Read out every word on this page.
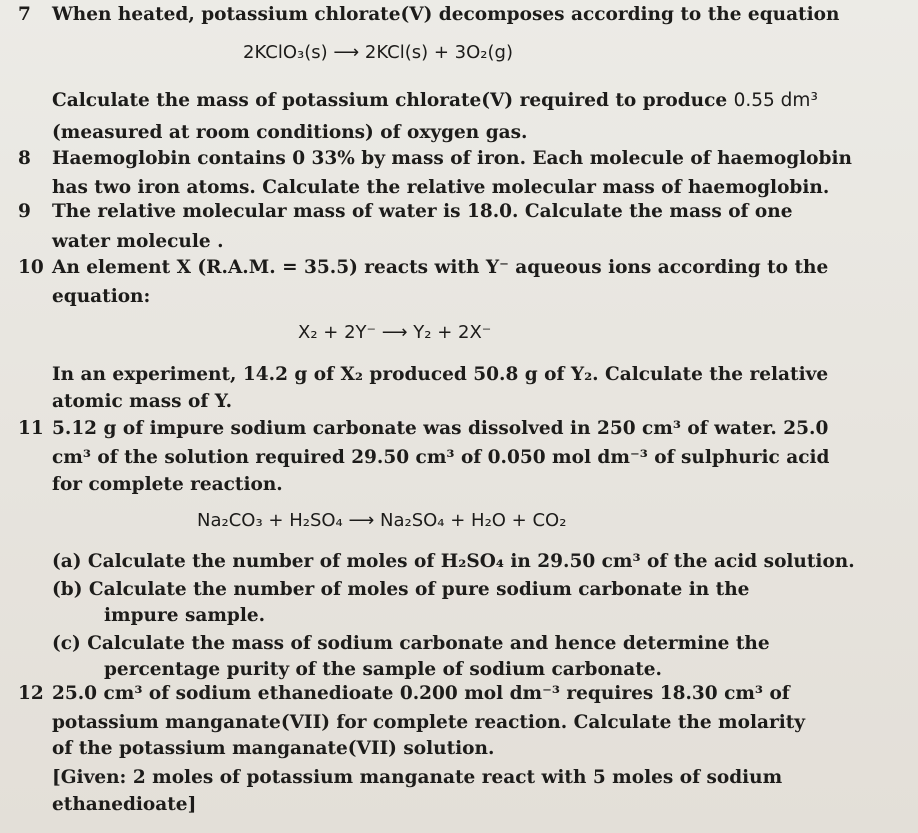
7 When heated, potassium chlorate(V) decomposes according to the equation
2KClO₃(s) ⟶ 2KCl(s) + 3O₂(g)
Calculate the mass of potassium chlorate(V) required to produce 0.55 dm³
(measured at room conditions) of oxygen gas.
8 Haemoglobin contains 0 33% by mass of iron. Each molecule of haemoglobin
has two iron atoms. Calculate the relative molecular mass of haemoglobin.
9 The relative molecular mass of water is 18.0. Calculate the mass of one
water molecule .
10 An element X (R.A.M. = 35.5) reacts with Y⁻ aqueous ions according to the
equation:
X₂ + 2Y⁻ ⟶ Y₂ + 2X⁻
In an experiment, 14.2 g of X₂ produced 50.8 g of Y₂. Calculate the relative
atomic mass of Y.
11 5.12 g of impure sodium carbonate was dissolved in 250 cm³ of water. 25.0
cm³ of the solution required 29.50 cm³ of 0.050 mol dm⁻³ of sulphuric acid
for complete reaction.
Na₂CO₃ + H₂SO₄ ⟶ Na₂SO₄ + H₂O + CO₂
(a) Calculate the number of moles of H₂SO₄ in 29.50 cm³ of the acid solution.
(b) Calculate the number of moles of pure sodium carbonate in the
impure sample.
(c) Calculate the mass of sodium carbonate and hence determine the
percentage purity of the sample of sodium carbonate.
12 25.0 cm³ of sodium ethanedioate 0.200 mol dm⁻³ requires 18.30 cm³ of
potassium manganate(VII) for complete reaction. Calculate the molarity
of the potassium manganate(VII) solution.
[Given: 2 moles of potassium manganate react with 5 moles of sodium
ethanedioate]
